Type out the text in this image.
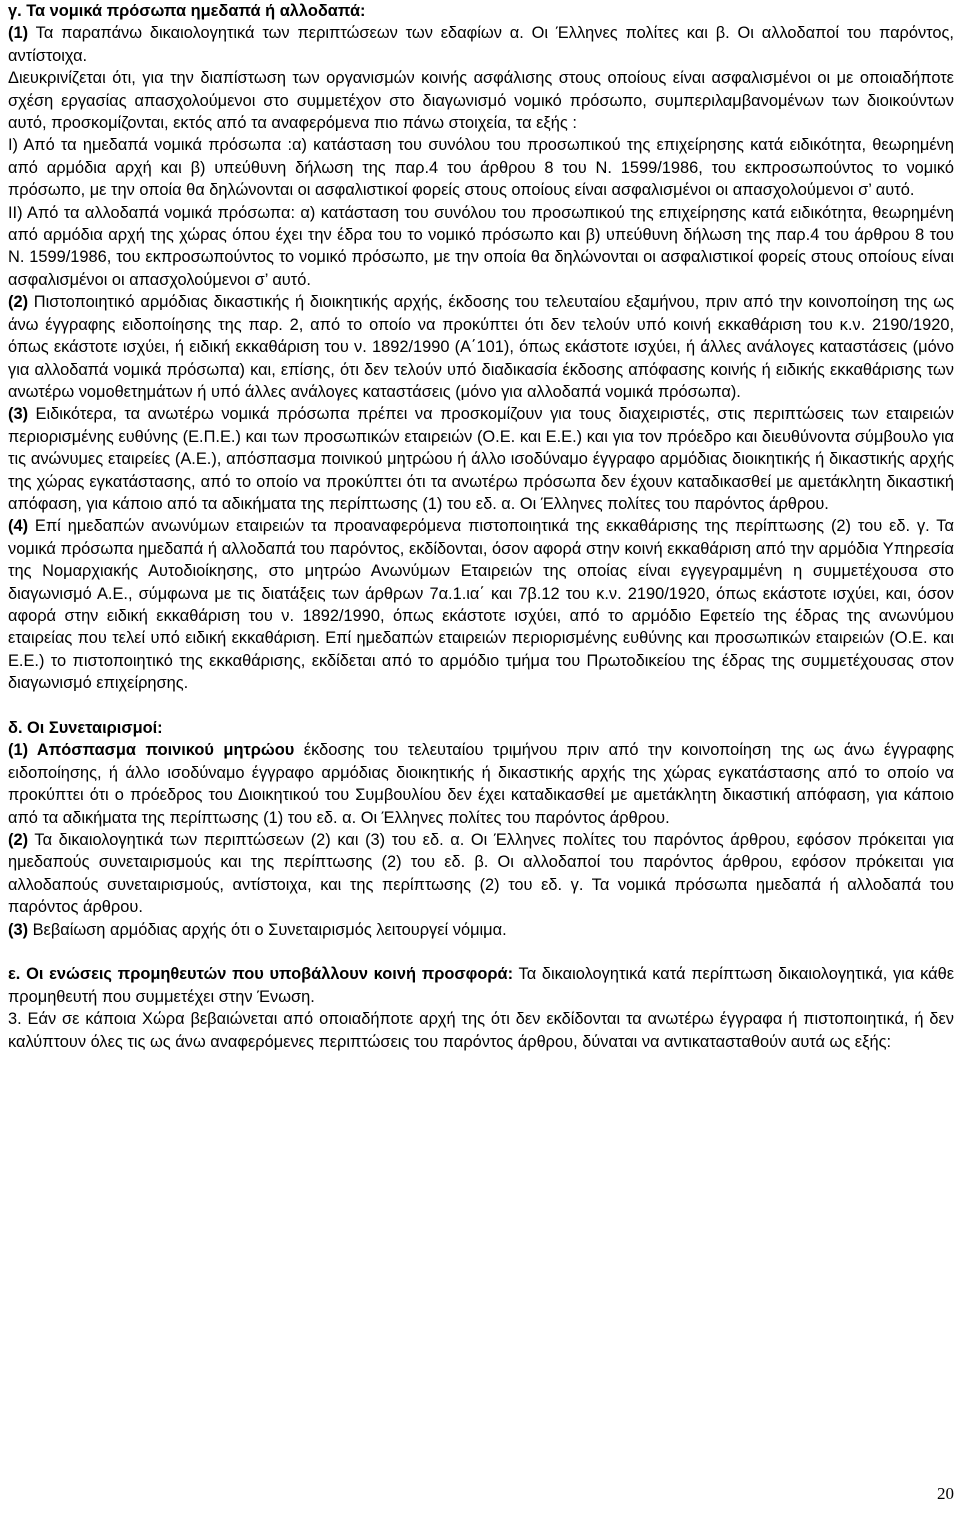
γ. Τα νομικά πρόσωπα ημεδαπά ή αλλοδαπά:

(1) Τα παραπάνω δικαιολογητικά των περιπτώσεων των εδαφίων α. Οι Έλληνες πολίτες και β. Οι αλλοδαποί του παρόντος, αντίστοιχα.

Διευκρινίζεται ότι, για την διαπίστωση των οργανισμών κοινής ασφάλισης στους οποίους είναι ασφαλισμένοι οι με οποιαδήποτε σχέση εργασίας απασχολούμενοι στο συμμετέχον στο διαγωνισμό νομικό πρόσωπο, συμπεριλαμβανομένων των διοικούντων αυτό, προσκομίζονται, εκτός από τα αναφερόμενα πιο πάνω στοιχεία, τα εξής :

Ι) Από τα ημεδαπά νομικά πρόσωπα :α) κατάσταση του συνόλου του προσωπικού της επιχείρησης κατά ειδικότητα, θεωρημένη από αρμόδια αρχή και β) υπεύθυνη δήλωση της παρ.4 του άρθρου 8 του Ν. 1599/1986, του εκπροσωπούντος το νομικό πρόσωπο, με την οποία θα δηλώνονται οι ασφαλιστικοί φορείς στους οποίους είναι ασφαλισμένοι οι απασχολούμενοι σ’ αυτό.

ΙΙ) Από τα αλλοδαπά νομικά πρόσωπα: α) κατάσταση του συνόλου του προσωπικού της επιχείρησης κατά ειδικότητα, θεωρημένη από αρμόδια αρχή της χώρας όπου έχει την έδρα του το νομικό πρόσωπο και β) υπεύθυνη δήλωση της παρ.4 του άρθρου 8 του Ν. 1599/1986, του εκπροσωπούντος το νομικό πρόσωπο, με την οποία θα δηλώνονται οι ασφαλιστικοί φορείς στους οποίους είναι ασφαλισμένοι οι απασχολούμενοι σ’ αυτό.

(2) Πιστοποιητικό αρμόδιας δικαστικής ή διοικητικής αρχής, έκδοσης του τελευταίου εξαμήνου, πριν από την κοινοποίηση της ως άνω έγγραφης ειδοποίησης της παρ. 2, από το οποίο να προκύπτει ότι δεν τελούν υπό κοινή εκκαθάριση του κ.ν. 2190/1920, όπως εκάστοτε ισχύει, ή ειδική εκκαθάριση του ν. 1892/1990 (Α΄101), όπως εκάστοτε ισχύει, ή άλλες ανάλογες καταστάσεις (μόνο για αλλοδαπά νομικά πρόσωπα) και, επίσης, ότι δεν τελούν υπό διαδικασία έκδοσης απόφασης κοινής ή ειδικής εκκαθάρισης των ανωτέρω νομοθετημάτων ή υπό άλλες ανάλογες καταστάσεις (μόνο για αλλοδαπά νομικά πρόσωπα).

(3) Ειδικότερα, τα ανωτέρω νομικά πρόσωπα πρέπει να προσκομίζουν για τους διαχειριστές, στις περιπτώσεις των εταιρειών περιορισμένης ευθύνης (Ε.Π.Ε.) και των προσωπικών εταιρειών (Ο.Ε. και Ε.Ε.) και για τον πρόεδρο και διευθύνοντα σύμβουλο για τις ανώνυμες εταιρείες (Α.Ε.), απόσπασμα ποινικού μητρώου ή άλλο ισοδύναμο έγγραφο αρμόδιας διοικητικής ή δικαστικής αρχής της χώρας εγκατάστασης, από το οποίο να προκύπτει ότι τα ανωτέρω πρόσωπα δεν έχουν καταδικασθεί με αμετάκλητη δικαστική απόφαση, για κάποιο από τα αδικήματα της περίπτωσης (1) του εδ. α. Οι Έλληνες πολίτες του παρόντος άρθρου.

(4) Επί ημεδαπών ανωνύμων εταιρειών τα προαναφερόμενα πιστοποιητικά της εκκαθάρισης της περίπτωσης (2) του εδ. γ. Τα νομικά πρόσωπα ημεδαπά ή αλλοδαπά του παρόντος, εκδίδονται, όσον αφορά στην κοινή εκκαθάριση από την αρμόδια Υπηρεσία της Νομαρχιακής Αυτοδιοίκησης, στο μητρώο Ανωνύμων Εταιρειών της οποίας είναι εγγεγραμμένη η συμμετέχουσα στο διαγωνισμό Α.Ε., σύμφωνα με τις διατάξεις των άρθρων 7α.1.ια΄ και 7β.12 του κ.ν. 2190/1920, όπως εκάστοτε ισχύει, και, όσον αφορά στην ειδική εκκαθάριση του ν. 1892/1990, όπως εκάστοτε ισχύει, από το αρμόδιο Εφετείο της έδρας της ανωνύμου εταιρείας που τελεί υπό ειδική εκκαθάριση. Επί ημεδαπών εταιρειών περιορισμένης ευθύνης και προσωπικών εταιρειών (Ο.Ε. και Ε.Ε.) το πιστοποιητικό της εκκαθάρισης, εκδίδεται από το αρμόδιο τμήμα του Πρωτοδικείου της έδρας της συμμετέχουσας στον διαγωνισμό επιχείρησης.

δ. Οι Συνεταιρισμοί:

(1) Απόσπασμα ποινικού μητρώου έκδοσης του τελευταίου τριμήνου πριν από την κοινοποίηση της ως άνω έγγραφης ειδοποίησης, ή άλλο ισοδύναμο έγγραφο αρμόδιας διοικητικής ή δικαστικής αρχής της χώρας εγκατάστασης από το οποίο να προκύπτει ότι ο πρόεδρος του Διοικητικού του Συμβουλίου δεν έχει καταδικασθεί με αμετάκλητη δικαστική απόφαση, για κάποιο από τα αδικήματα της περίπτωσης (1) του εδ. α. Οι Έλληνες πολίτες του παρόντος άρθρου.

(2) Τα δικαιολογητικά των περιπτώσεων (2) και (3) του εδ. α. Οι Έλληνες πολίτες του παρόντος άρθρου, εφόσον πρόκειται για ημεδαπούς συνεταιρισμούς και της περίπτωσης (2) του εδ. β. Οι αλλοδαποί του παρόντος άρθρου, εφόσον πρόκειται για αλλοδαπούς συνεταιρισμούς, αντίστοιχα, και της περίπτωσης (2) του εδ. γ. Τα νομικά πρόσωπα ημεδαπά ή αλλοδαπά του παρόντος άρθρου.

(3) Βεβαίωση αρμόδιας αρχής ότι ο Συνεταιρισμός λειτουργεί νόμιμα.

ε. Οι ενώσεις προμηθευτών που υποβάλλουν κοινή προσφορά: Τα δικαιολογητικά κατά περίπτωση δικαιολογητικά, για κάθε προμηθευτή που συμμετέχει στην Ένωση.

3. Εάν σε κάποια Χώρα βεβαιώνεται από οποιαδήποτε αρχή της ότι δεν εκδίδονται τα ανωτέρω έγγραφα ή πιστοποιητικά, ή δεν καλύπτουν όλες τις ως άνω αναφερόμενες περιπτώσεις του παρόντος άρθρου, δύναται να αντικατασταθούν αυτά ως εξής:

20
